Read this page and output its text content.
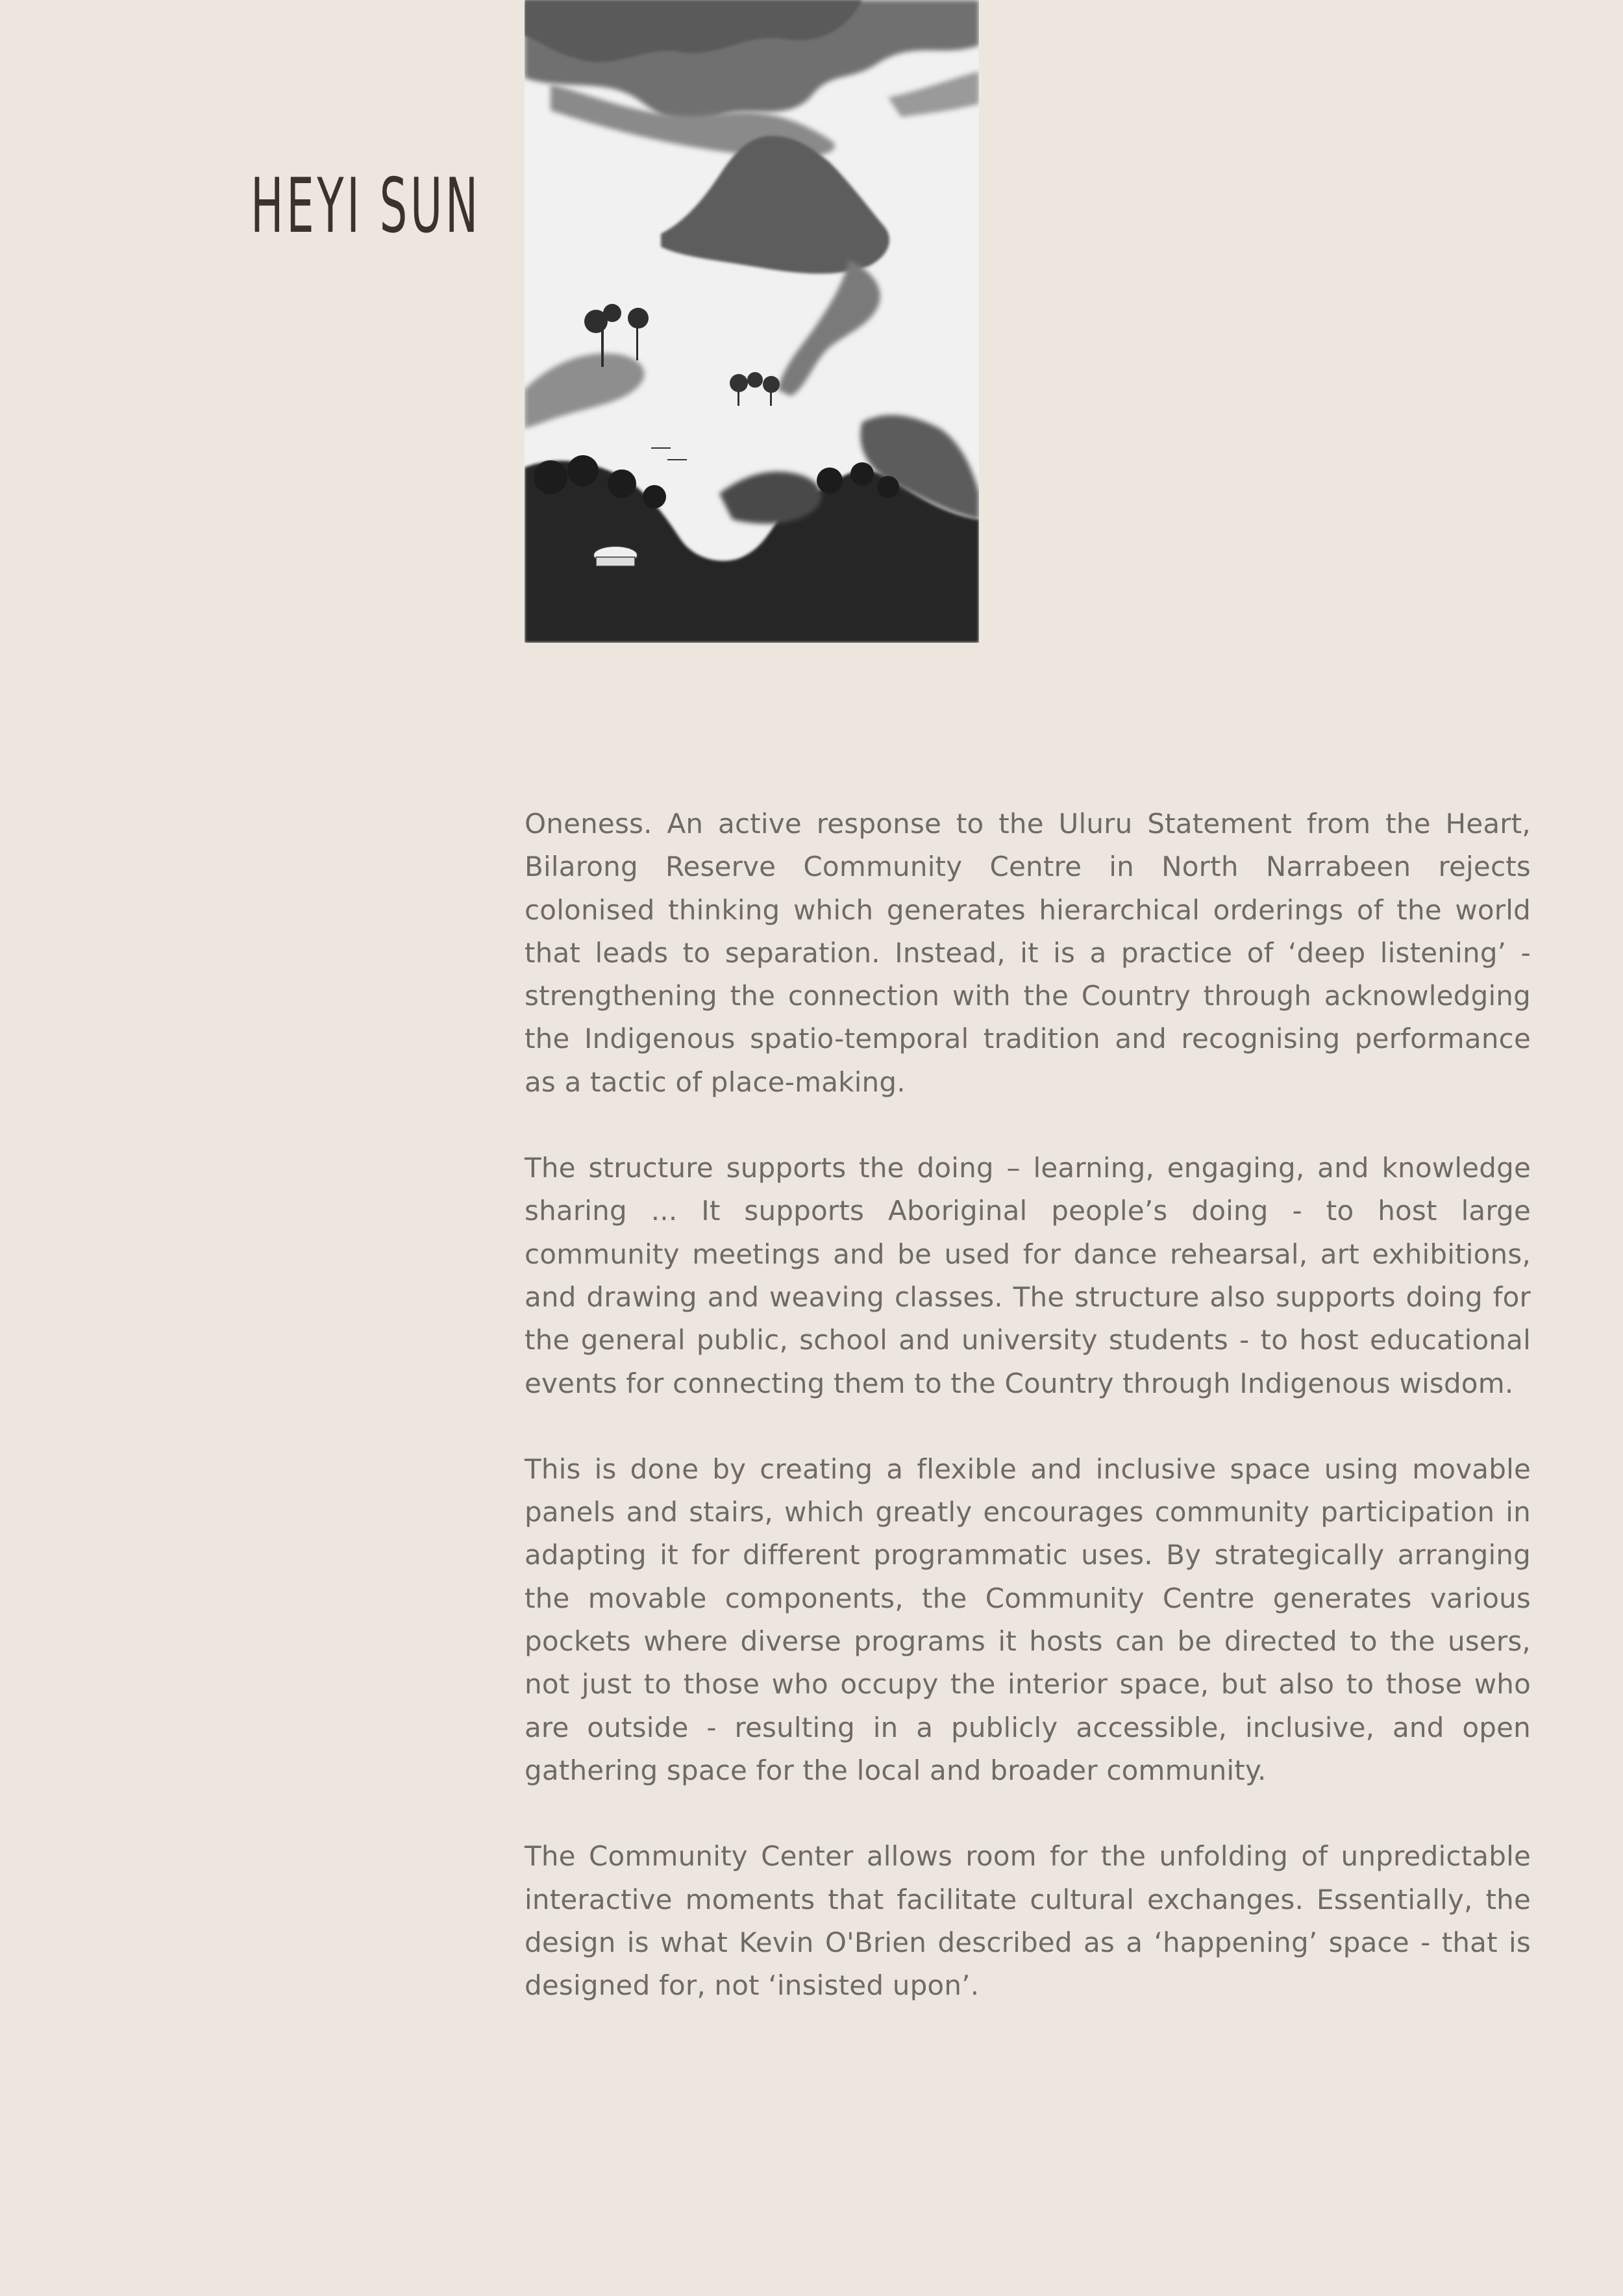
HEYI SUN

Oneness. An active response to the Uluru Statement from the Heart, Bilarong Reserve Community Centre in North Narrabeen rejects colonised thinking which generates hierarchical orderings of the world that leads to separation. Instead, it is a practice of ‘deep listening’ - strengthening the connection with the Country through acknowledging the Indigenous spatio-temporal tradition and recognising performance as a tactic of place-making.

The structure supports the doing – learning, engaging, and knowledge sharing ... It supports Aboriginal people’s doing - to host large community meetings and be used for dance rehearsal, art exhibitions, and drawing and weaving classes. The structure also supports doing for the general public, school and university students - to host educational events for connecting them to the Country through Indigenous wisdom.

This is done by creating a flexible and inclusive space using movable panels and stairs, which greatly encourages community participation in adapting it for different programmatic uses. By strategically arranging the movable components, the Community Centre generates various pockets where diverse programs it hosts can be directed to the users, not just to those who occupy the interior space, but also to those who are outside - resulting in a publicly accessible, inclusive, and open gathering space for the local and broader community.

The Community Center allows room for the unfolding of unpredictable interactive moments that facilitate cultural exchanges. Essentially, the design is what Kevin O'Brien described as a ‘happening’ space - that is designed for, not ‘insisted upon’.
